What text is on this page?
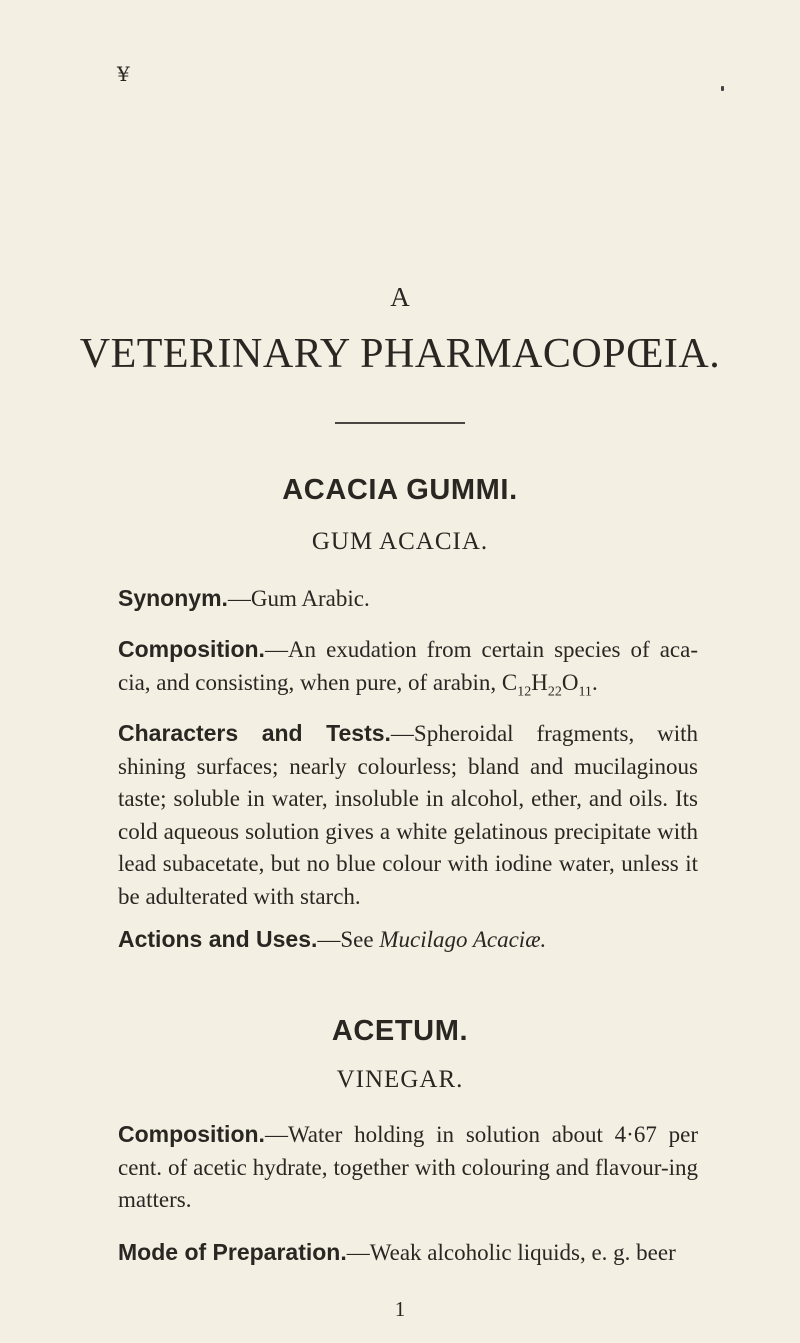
¥
A
VETERINARY PHARMACOPŒIA.
ACACIA GUMMI.
GUM ACACIA.
Synonym.—Gum Arabic.
Composition.—An exudation from certain species of aca-cia, and consisting, when pure, of arabin, $C_{12}H_{22}O_{11}$.
Characters and Tests.—Spheroidal fragments, with shining surfaces; nearly colourless; bland and mucilaginous taste; soluble in water, insoluble in alcohol, ether, and oils. Its cold aqueous solution gives a white gelatinous precipitate with lead subacetate, but no blue colour with iodine water, unless it be adulterated with starch.
Actions and Uses.—See Mucilago Acaciæ.
ACETUM.
VINEGAR.
Composition.—Water holding in solution about 4·67 per cent. of acetic hydrate, together with colouring and flavour-ing matters.
Mode of Preparation.—Weak alcoholic liquids, e. g. beer
1
